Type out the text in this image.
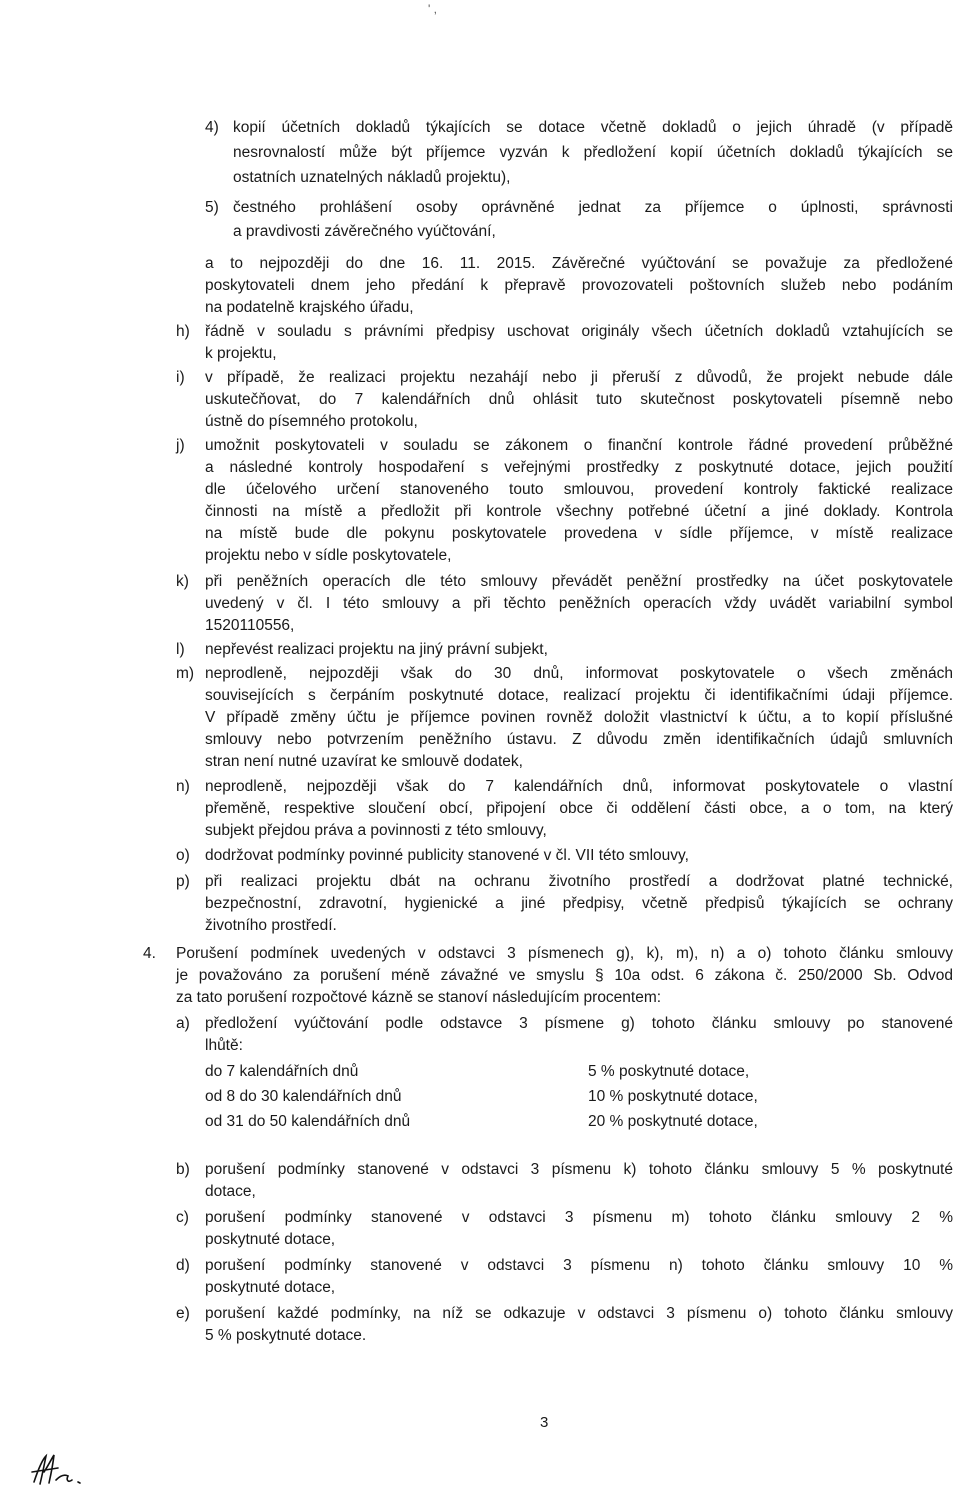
' ,
4) kopií účetních dokladů týkajících se dotace včetně dokladů o jejich úhradě (v případě
nesrovnalostí může být příjemce vyzván k předložení kopií účetních dokladů týkajících se
ostatních uznatelných nákladů projektu),
5) čestného prohlášení osoby oprávněné jednat za příjemce o úplnosti, správnosti
a pravdivosti závěrečného vyúčtování,
a to nejpozději do dne 16. 11. 2015. Závěrečné vyúčtování se považuje za předložené
poskytovateli dnem jeho předání k přepravě provozovateli poštovních služeb nebo podáním
na podatelně krajského úřadu,
h) řádně v souladu s právními předpisy uschovat originály všech účetních dokladů vztahujících se
k projektu,
i) v případě, že realizaci projektu nezahájí nebo ji přeruší z důvodů, že projekt nebude dále
uskutečňovat, do 7 kalendářních dnů ohlásit tuto skutečnost poskytovateli písemně nebo
ústně do písemného protokolu,
j) umožnit poskytovateli v souladu se zákonem o finanční kontrole řádné provedení průběžné
a následné kontroly hospodaření s veřejnými prostředky z poskytnuté dotace, jejich použití
dle účelového určení stanoveného touto smlouvou, provedení kontroly faktické realizace
činnosti na místě a předložit při kontrole všechny potřebné účetní a jiné doklady. Kontrola
na místě bude dle pokynu poskytovatele provedena v sídle příjemce, v místě realizace
projektu nebo v sídle poskytovatele,
k) při peněžních operacích dle této smlouvy převádět peněžní prostředky na účet poskytovatele
uvedený v čl. I této smlouvy a při těchto peněžních operacích vždy uvádět variabilní symbol
1520110556,
l) nepřevést realizaci projektu na jiný právní subjekt,
m) neprodleně, nejpozději však do 30 dnů, informovat poskytovatele o všech změnách
souvisejících s čerpáním poskytnuté dotace, realizací projektu či identifikačními údaji příjemce.
V případě změny účtu je příjemce povinen rovněž doložit vlastnictví k účtu, a to kopií příslušné
smlouvy nebo potvrzením peněžního ústavu. Z důvodu změn identifikačních údajů smluvních
stran není nutné uzavírat ke smlouvě dodatek,
n) neprodleně, nejpozději však do 7 kalendářních dnů, informovat poskytovatele o vlastní
přeměně, respektive sloučení obcí, připojení obce či oddělení části obce, a o tom, na který
subjekt přejdou práva a povinnosti z této smlouvy,
o) dodržovat podmínky povinné publicity stanovené v čl. VII této smlouvy,
p) při realizaci projektu dbát na ochranu životního prostředí a dodržovat platné technické,
bezpečnostní, zdravotní, hygienické a jiné předpisy, včetně předpisů týkajících se ochrany
životního prostředí.
4. Porušení podmínek uvedených v odstavci 3 písmenech g), k), m), n) a o) tohoto článku smlouvy
je považováno za porušení méně závažné ve smyslu § 10a odst. 6 zákona č. 250/2000 Sb. Odvod
za tato porušení rozpočtové kázně se stanoví následujícím procentem:
a) předložení vyúčtování podle odstavce 3 písmene g) tohoto článku smlouvy po stanovené
lhůtě:
b) porušení podmínky stanovené v odstavci 3 písmenu k) tohoto článku smlouvy 5 % poskytnuté
dotace,
c) porušení podmínky stanovené v odstavci 3 písmenu m) tohoto článku smlouvy 2 %
poskytnuté dotace,
d) porušení podmínky stanovené v odstavci 3 písmenu n) tohoto článku smlouvy 10 %
poskytnuté dotace,
e) porušení každé podmínky, na níž se odkazuje v odstavci 3 písmenu o) tohoto článku smlouvy
5 % poskytnuté dotace.
do 7 kalendářních dnů	5 % poskytnuté dotace,
od 8 do 30 kalendářních dnů	10 % poskytnuté dotace,
od 31 do 50 kalendářních dnů	20 % poskytnuté dotace,
3
